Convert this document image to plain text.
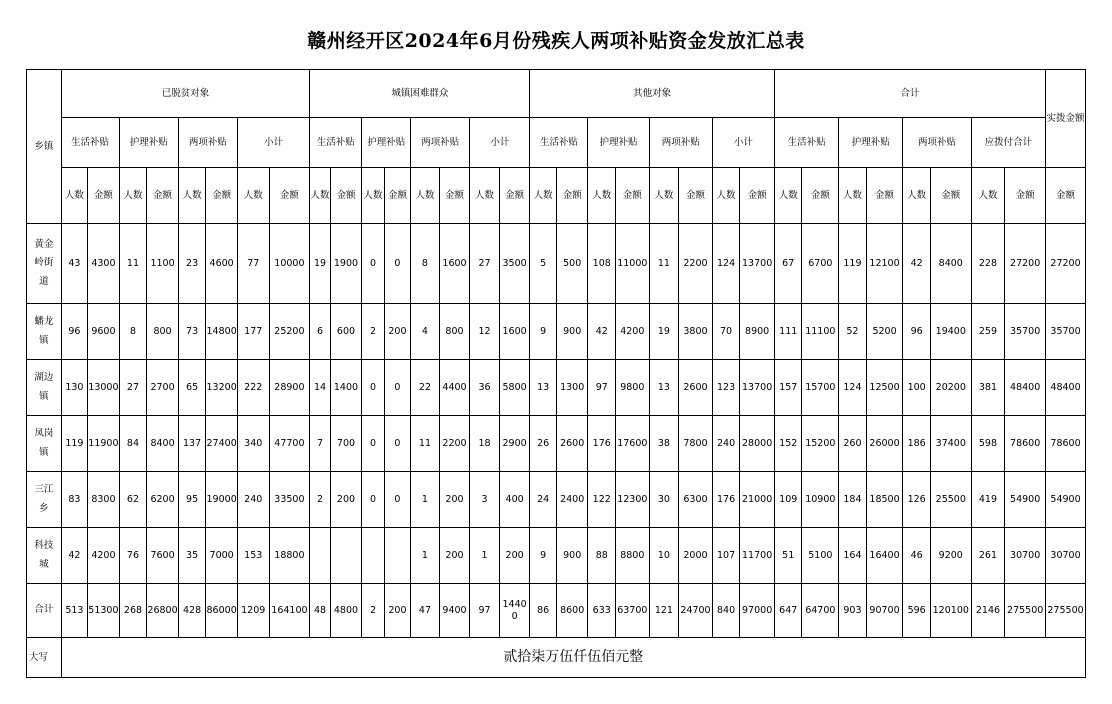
赣州经开区2024年6月份残疾人两项补贴资金发放汇总表
乡镇	已脱贫对象								城镇困难群众								其他对象								合计								实拨金额
	生活补贴		护理补贴		两项补贴		小计		生活补贴		护理补贴		两项补贴		小计		生活补贴		护理补贴		两项补贴		小计		生活补贴		护理补贴		两项补贴		应拨付合计		
	人数	金额	人数	金额	人数	金额	人数	金额	人数	金额	人数	金额	人数	金额	人数	金额	人数	金额	人数	金额	人数	金额	人数	金额	人数	金额	人数	金额	人数	金额	人数	金额	金额
黄金岭街道	43	4300	11	1100	23	4600	77	10000	19	1900	0	0	8	1600	27	3500	5	500	108	11000	11	2200	124	13700	67	6700	119	12100	42	8400	228	27200	27200
蟠龙镇	96	9600	8	800	73	14800	177	25200	6	600	2	200	4	800	12	1600	9	900	42	4200	19	3800	70	8900	111	11100	52	5200	96	19400	259	35700	35700
湖边镇	130	13000	27	2700	65	13200	222	28900	14	1400	0	0	22	4400	36	5800	13	1300	97	9800	13	2600	123	13700	157	15700	124	12500	100	20200	381	48400	48400
凤岗镇	119	11900	84	8400	137	27400	340	47700	7	700	0	0	11	2200	18	2900	26	2600	176	17600	38	7800	240	28000	152	15200	260	26000	186	37400	598	78600	78600
三江乡	83	8300	62	6200	95	19000	240	33500	2	200	0	0	1	200	3	400	24	2400	122	12300	30	6300	176	21000	109	10900	184	18500	126	25500	419	54900	54900
科技城	42	4200	76	7600	35	7000	153	18800					1	200	1	200	9	900	88	8800	10	2000	107	11700	51	5100	164	16400	46	9200	261	30700	30700
合计	513	51300	268	26800	428	86000	1209	164100	48	4800	2	200	47	9400	97	14400	86	8600	633	63700	121	24700	840	97000	647	64700	903	90700	596	120100	2146	275500	275500
大写	贰拾柒万伍仟伍佰元整																																
